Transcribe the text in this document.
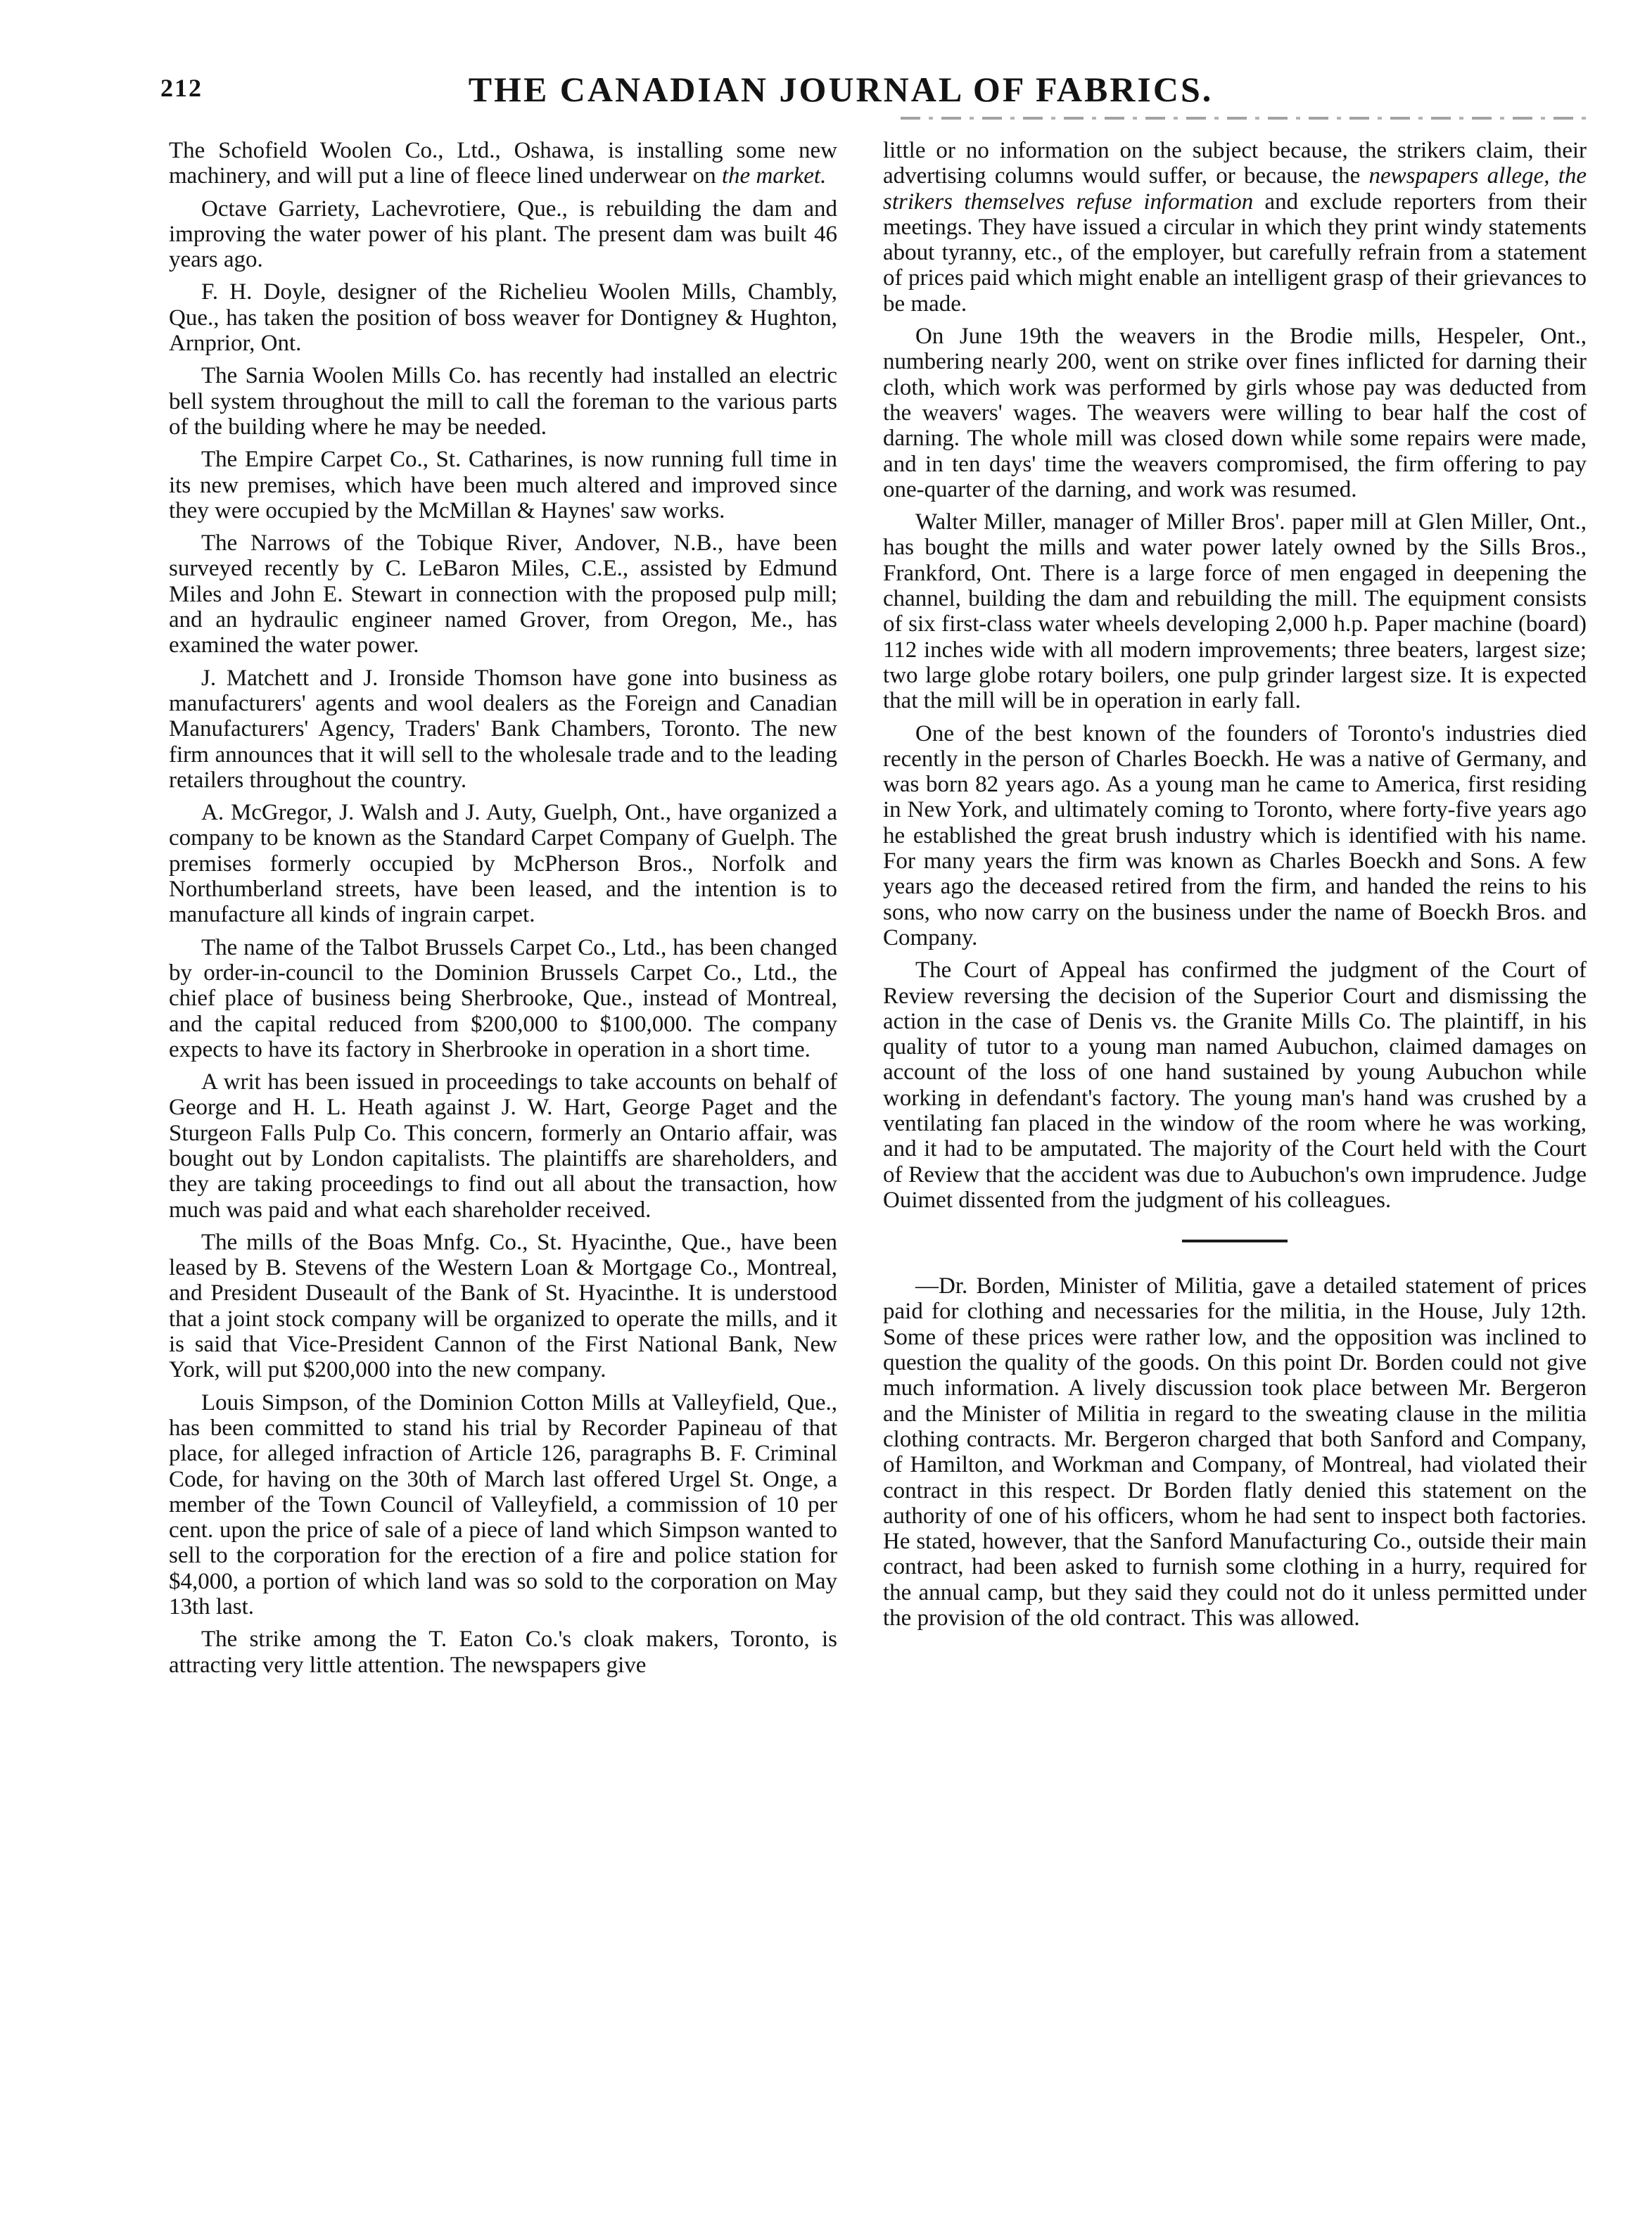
212	THE CANADIAN JOURNAL OF FABRICS.

The Schofield Woolen Co., Ltd., Oshawa, is installing some new machinery, and will put a line of fleece lined underwear on the market.

Octave Garriety, Lachevrotiere, Que., is rebuilding the dam and improving the water power of his plant. The present dam was built 46 years ago.

F. H. Doyle, designer of the Richelieu Woolen Mills, Chambly, Que., has taken the position of boss weaver for Dontigney & Hughton, Arnprior, Ont.

The Sarnia Woolen Mills Co. has recently had installed an electric bell system throughout the mill to call the foreman to the various parts of the building where he may be needed.

The Empire Carpet Co., St. Catharines, is now running full time in its new premises, which have been much altered and improved since they were occupied by the McMillan & Haynes' saw works.

The Narrows of the Tobique River, Andover, N.B., have been surveyed recently by C. LeBaron Miles, C.E., assisted by Edmund Miles and John E. Stewart in connection with the proposed pulp mill; and an hydraulic engineer named Grover, from Oregon, Me., has examined the water power.

J. Matchett and J. Ironside Thomson have gone into business as manufacturers' agents and wool dealers as the Foreign and Canadian Manufacturers' Agency, Traders' Bank Chambers, Toronto. The new firm announces that it will sell to the wholesale trade and to the leading retailers throughout the country.

A. McGregor, J. Walsh and J. Auty, Guelph, Ont., have organized a company to be known as the Standard Carpet Company of Guelph. The premises formerly occupied by McPherson Bros., Norfolk and Northumberland streets, have been leased, and the intention is to manufacture all kinds of ingrain carpet.

The name of the Talbot Brussels Carpet Co., Ltd., has been changed by order-in-council to the Dominion Brussels Carpet Co., Ltd., the chief place of business being Sherbrooke, Que., instead of Montreal, and the capital reduced from $200,000 to $100,000. The company expects to have its factory in Sherbrooke in operation in a short time.

A writ has been issued in proceedings to take accounts on behalf of George and H. L. Heath against J. W. Hart, George Paget and the Sturgeon Falls Pulp Co. This concern, formerly an Ontario affair, was bought out by London capitalists. The plaintiffs are shareholders, and they are taking proceedings to find out all about the transaction, how much was paid and what each shareholder received.

The mills of the Boas Mnfg. Co., St. Hyacinthe, Que., have been leased by B. Stevens of the Western Loan & Mortgage Co., Montreal, and President Duseault of the Bank of St. Hyacinthe. It is understood that a joint stock company will be organized to operate the mills, and it is said that Vice-President Cannon of the First National Bank, New York, will put $200,000 into the new company.

Louis Simpson, of the Dominion Cotton Mills at Valleyfield, Que., has been committed to stand his trial by Recorder Papineau of that place, for alleged infraction of Article 126, paragraphs B. F. Criminal Code, for having on the 30th of March last offered Urgel St. Onge, a member of the Town Council of Valleyfield, a commission of 10 per cent. upon the price of sale of a piece of land which Simpson wanted to sell to the corporation for the erection of a fire and police station for $4,000, a portion of which land was so sold to the corporation on May 13th last.

The strike among the T. Eaton Co.'s cloak makers, Toronto, is attracting very little attention. The newspapers give

little or no information on the subject because, the strikers claim, their advertising columns would suffer, or because, the newspapers allege, the strikers themselves refuse information and exclude reporters from their meetings. They have issued a circular in which they print windy statements about tyranny, etc., of the employer, but carefully refrain from a statement of prices paid which might enable an intelligent grasp of their grievances to be made.

On June 19th the weavers in the Brodie mills, Hespeler, Ont., numbering nearly 200, went on strike over fines inflicted for darning their cloth, which work was performed by girls whose pay was deducted from the weavers' wages. The weavers were willing to bear half the cost of darning. The whole mill was closed down while some repairs were made, and in ten days' time the weavers compromised, the firm offering to pay one-quarter of the darning, and work was resumed.

Walter Miller, manager of Miller Bros'. paper mill at Glen Miller, Ont., has bought the mills and water power lately owned by the Sills Bros., Frankford, Ont. There is a large force of men engaged in deepening the channel, building the dam and rebuilding the mill. The equipment consists of six first-class water wheels developing 2,000 h.p. Paper machine (board) 112 inches wide with all modern improvements; three beaters, largest size; two large globe rotary boilers, one pulp grinder largest size. It is expected that the mill will be in operation in early fall.

One of the best known of the founders of Toronto's industries died recently in the person of Charles Boeckh. He was a native of Germany, and was born 82 years ago. As a young man he came to America, first residing in New York, and ultimately coming to Toronto, where forty-five years ago he established the great brush industry which is identified with his name. For many years the firm was known as Charles Boeckh and Sons. A few years ago the deceased retired from the firm, and handed the reins to his sons, who now carry on the business under the name of Boeckh Bros. and Company.

The Court of Appeal has confirmed the judgment of the Court of Review reversing the decision of the Superior Court and dismissing the action in the case of Denis vs. the Granite Mills Co. The plaintiff, in his quality of tutor to a young man named Aubuchon, claimed damages on account of the loss of one hand sustained by young Aubuchon while working in defendant's factory. The young man's hand was crushed by a ventilating fan placed in the window of the room where he was working, and it had to be amputated. The majority of the Court held with the Court of Review that the accident was due to Aubuchon's own imprudence. Judge Ouimet dissented from the judgment of his colleagues.

—Dr. Borden, Minister of Militia, gave a detailed statement of prices paid for clothing and necessaries for the militia, in the House, July 12th. Some of these prices were rather low, and the opposition was inclined to question the quality of the goods. On this point Dr. Borden could not give much information. A lively discussion took place between Mr. Bergeron and the Minister of Militia in regard to the sweating clause in the militia clothing contracts. Mr. Bergeron charged that both Sanford and Company, of Hamilton, and Workman and Company, of Montreal, had violated their contract in this respect. Dr Borden flatly denied this statement on the authority of one of his officers, whom he had sent to inspect both factories. He stated, however, that the Sanford Manufacturing Co., outside their main contract, had been asked to furnish some clothing in a hurry, required for the annual camp, but they said they could not do it unless permitted under the provision of the old contract. This was allowed.
